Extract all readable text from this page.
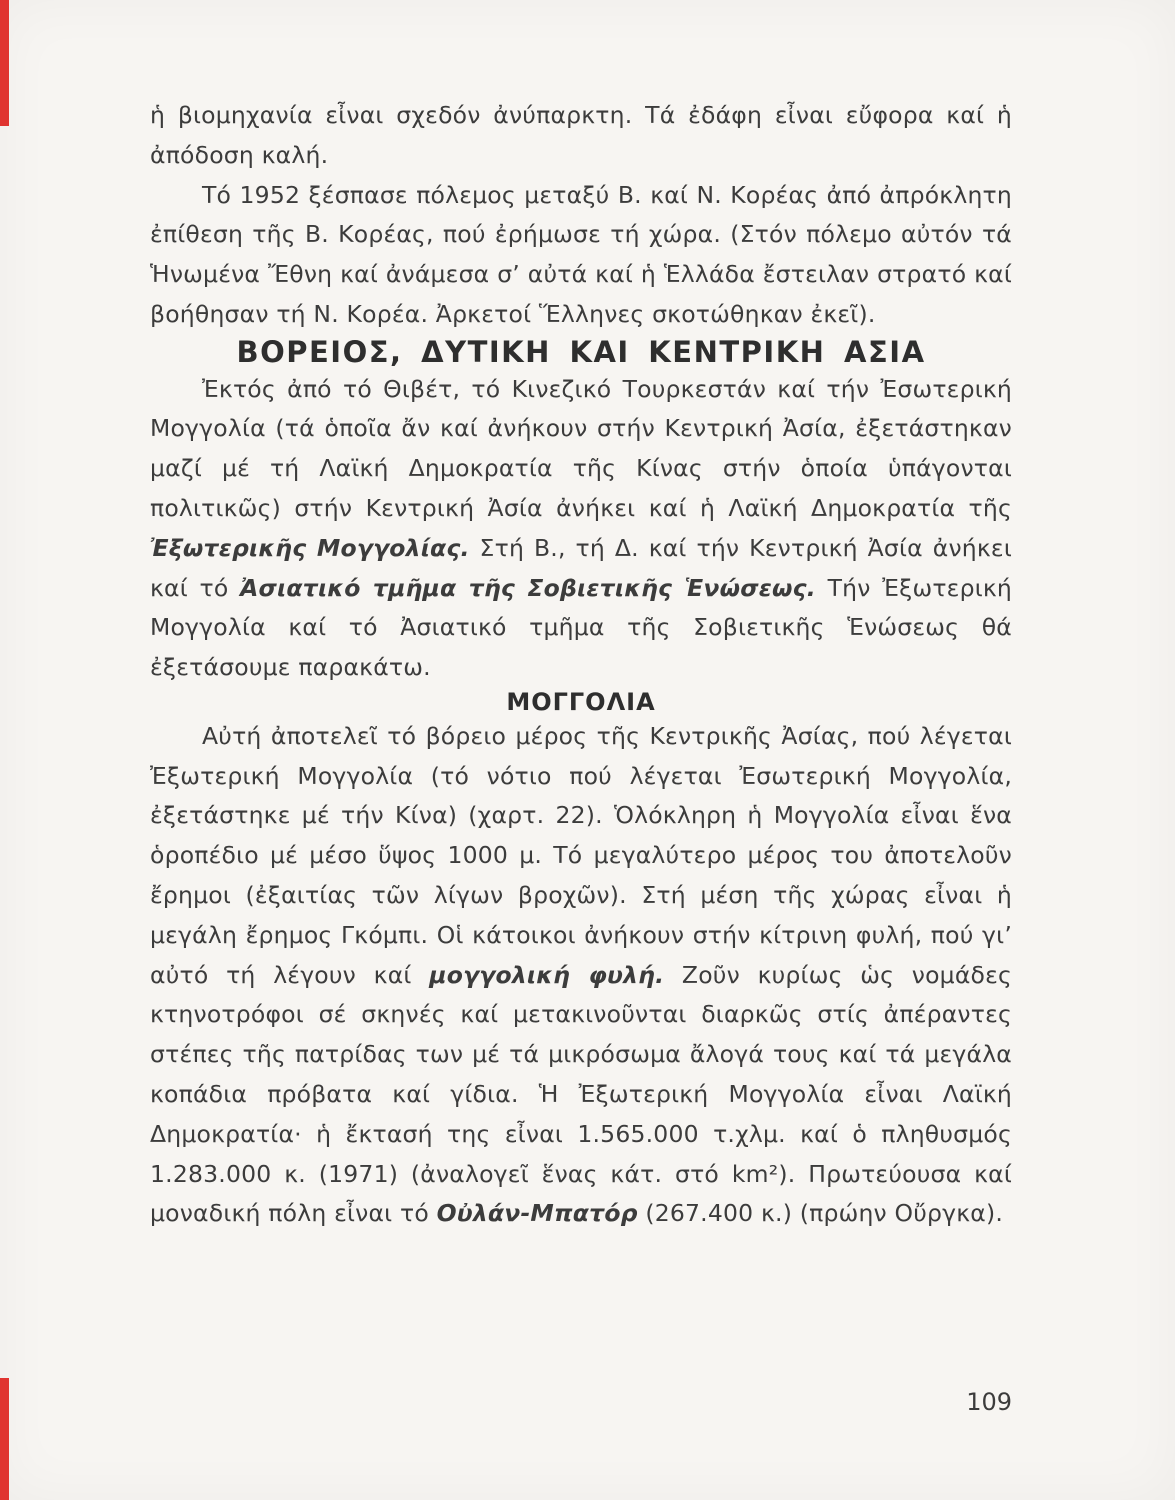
ἡ βιομηχανία εἶναι σχεδόν ἀνύπαρκτη. Τά ἐδάφη εἶναι εὔφορα καί ἡ ἀπόδοση καλή.

Τό 1952 ξέσπασε πόλεμος μεταξύ Β. καί Ν. Κορέας ἀπό ἀπρόκλητη ἐπίθεση τῆς Β. Κορέας, πού ἐρήμωσε τή χώρα. (Στόν πόλεμο αὐτόν τά Ἡνωμένα Ἔθνη καί ἀνάμεσα σ’ αὐτά καί ἡ Ἑλλάδα ἔστειλαν στρατό καί βοήθησαν τή Ν. Κορέα. Ἀρκετοί Ἕλληνες σκοτώθηκαν ἐκεῖ).

ΒΟΡΕΙΟΣ, ΔΥΤΙΚΗ ΚΑΙ ΚΕΝΤΡΙΚΗ ΑΣΙΑ

Ἐκτός ἀπό τό Θιβέτ, τό Κινεζικό Τουρκεστάν καί τήν Ἐσωτερική Μογγολία (τά ὁποῖα ἄν καί ἀνήκουν στήν Κεντρική Ἀσία, ἐξετάστηκαν μαζί μέ τή Λαϊκή Δημοκρατία τῆς Κίνας στήν ὁποία ὑπάγονται πολιτικῶς) στήν Κεντρική Ἀσία ἀνήκει καί ἡ Λαϊκή Δημοκρατία τῆς Ἐξωτερικῆς Μογγολίας. Στή Β., τή Δ. καί τήν Κεντρική Ἀσία ἀνήκει καί τό Ἀσιατικό τμῆμα τῆς Σοβιετικῆς Ἑνώσεως. Τήν Ἐξωτερική Μογγολία καί τό Ἀσιατικό τμῆμα τῆς Σοβιετικῆς Ἑνώσεως θά ἐξετάσουμε παρακάτω.

ΜΟΓΓΟΛΙΑ

Αὐτή ἀποτελεῖ τό βόρειο μέρος τῆς Κεντρικῆς Ἀσίας, πού λέγεται Ἐξωτερική Μογγολία (τό νότιο πού λέγεται Ἐσωτερική Μογγολία, ἐξετάστηκε μέ τήν Κίνα) (χαρτ. 22). Ὁλόκληρη ἡ Μογγολία εἶναι ἕνα ὁροπέδιο μέ μέσο ὕψος 1000 μ. Τό μεγαλύτερο μέρος του ἀποτελοῦν ἔρημοι (ἐξαιτίας τῶν λίγων βροχῶν). Στή μέση τῆς χώρας εἶναι ἡ μεγάλη ἔρημος Γκόμπι. Οἱ κάτοικοι ἀνήκουν στήν κίτρινη φυλή, πού γι’ αὐτό τή λέγουν καί μογγολική φυλή. Ζοῦν κυρίως ὡς νομάδες κτηνοτρόφοι σέ σκηνές καί μετακινοῦνται διαρκῶς στίς ἀπέραντες στέπες τῆς πατρίδας των μέ τά μικρόσωμα ἄλογά τους καί τά μεγάλα κοπάδια πρόβατα καί γίδια. Ἡ Ἐξωτερική Μογγολία εἶναι Λαϊκή Δημοκρατία· ἡ ἔκτασή της εἶναι 1.565.000 τ.χλμ. καί ὁ πληθυσμός 1.283.000 κ. (1971) (ἀναλογεῖ ἕνας κάτ. στό km²). Πρωτεύουσα καί μοναδική πόλη εἶναι τό Οὐλάν-Μπατόρ (267.400 κ.) (πρώην Οὔργκα).

109
